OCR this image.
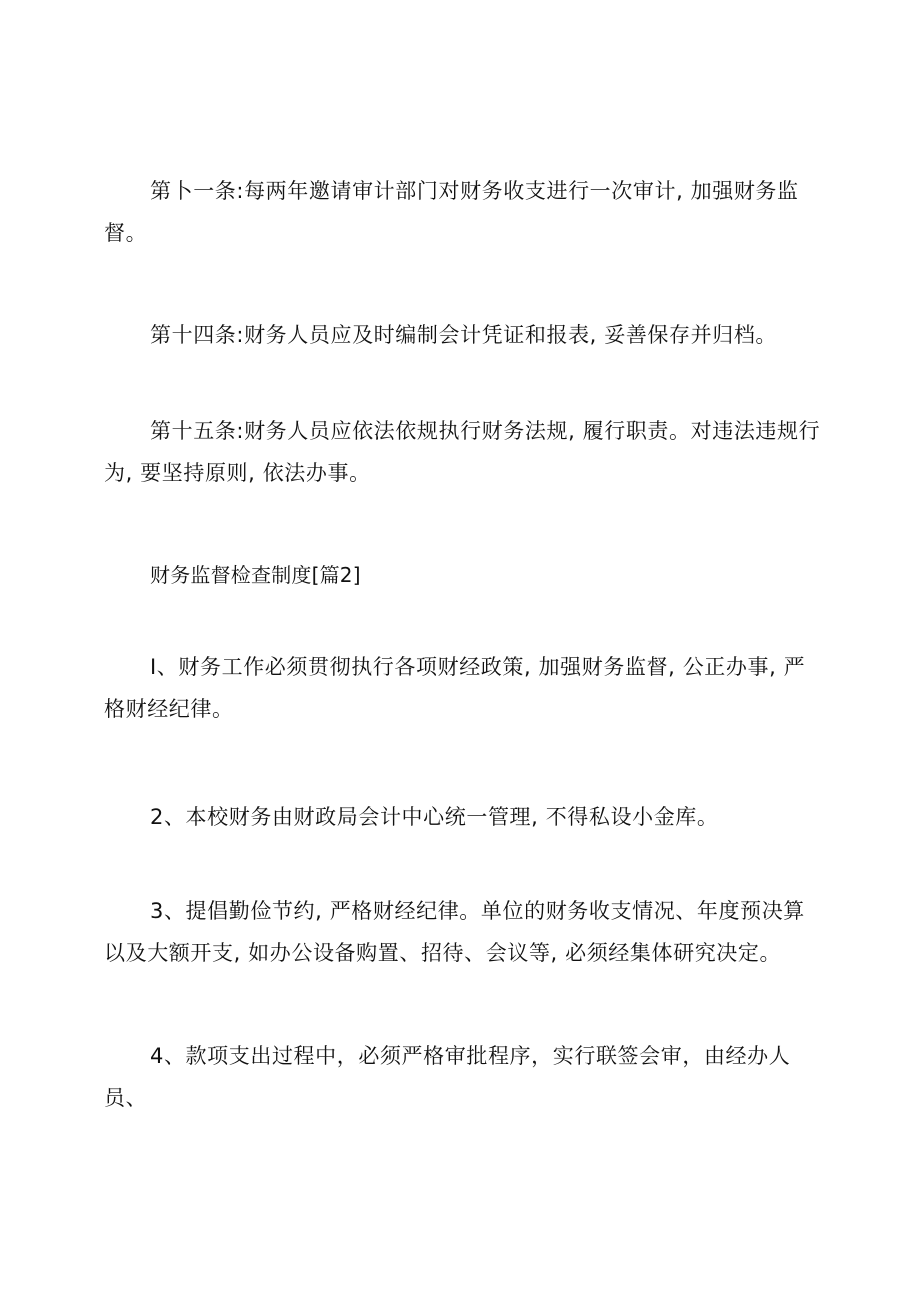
第卜一条:每两年邀请审计部门对财务收支进行一次审计, 加强财务监督。

第十四条:财务人员应及时编制会计凭证和报表, 妥善保存并归档。

第十五条:财务人员应依法依规执行财务法规, 履行职责。对违法违规行为, 要坚持原则, 依法办事。

财务监督检查制度[篇2]

I、财务工作必须贯彻执行各项财经政策, 加强财务监督, 公正办事, 严格财经纪律。

2、本校财务由财政局会计中心统一管理, 不得私设小金库。

3、提倡勤俭节约, 严格财经纪律。单位的财务收支情况、年度预决算以及大额开支, 如办公设备购置、招待、会议等, 必须经集体研究决定。

4、款项支出过程中，必须严格审批程序，实行联签会审，由经办人员、
